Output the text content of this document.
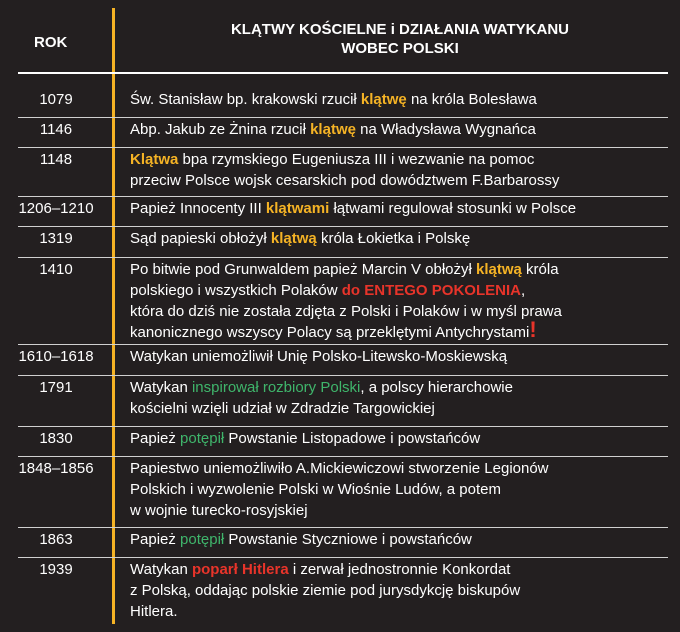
ROK
KLĄTWY KOŚCIELNE i DZIAŁANIA WATYKANU
WOBEC POLSKI
1079	Św. Stanisław bp. krakowski rzucił klątwę na króla Bolesława
1146	Abp. Jakub ze Żnina rzucił klątwę na Władysława Wygnańca
1148	Klątwa bpa rzymskiego Eugeniusza III i wezwanie na pomoc
przeciw Polsce wojsk cesarskich pod dowództwem F.Barbarossy
1206–1210	Papież Innocenty III klątwami łątwami regulował stosunki w Polsce
1319	Sąd papieski obłożył klątwą króla Łokietka i Polskę
1410	Po bitwie pod Grunwaldem papież Marcin V obłożył klątwą króla
polskiego i wszystkich Polaków do ENTEGO POKOLENIA,
która do dziś nie została zdjęta z Polski i Polaków i w myśl prawa
kanonicznego wszyscy Polacy są przeklętymi Antychrystami!
1610–1618	Watykan uniemożliwił Unię Polsko-Litewsko-Moskiewską
1791	Watykan inspirował rozbiory Polski, a polscy hierarchowie
kościelni wzięli udział w Zdradzie Targowickiej
1830	Papież potępił Powstanie Listopadowe i powstańców
1848–1856	Papiestwo uniemożliwiło A.Mickiewiczowi stworzenie Legionów
Polskich i wyzwolenie Polski w Wiośnie Ludów, a potem
w wojnie turecko-rosyjskiej
1863	Papież potępił Powstanie Styczniowe i powstańców
1939	Watykan poparł Hitlera i zerwał jednostronnie Konkordat
z Polską, oddając polskie ziemie pod jurysdykcję biskupów
Hitlera.
